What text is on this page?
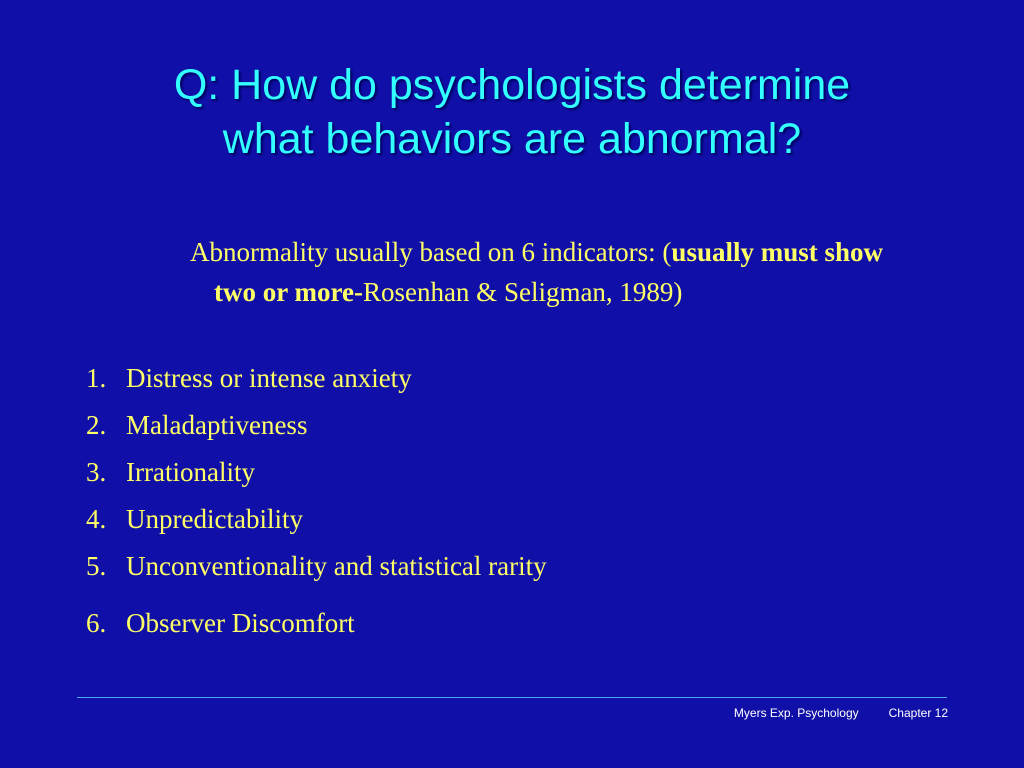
Q: How do psychologists determine
what behaviors are abnormal?
Abnormality usually based on 6 indicators: (usually must show two or more-Rosenhan & Seligman, 1989)
1. Distress or intense anxiety
2. Maladaptiveness
3. Irrationality
4. Unpredictability
5. Unconventionality and statistical rarity
6. Observer Discomfort
Myers Exp. Psychology	Chapter 12
